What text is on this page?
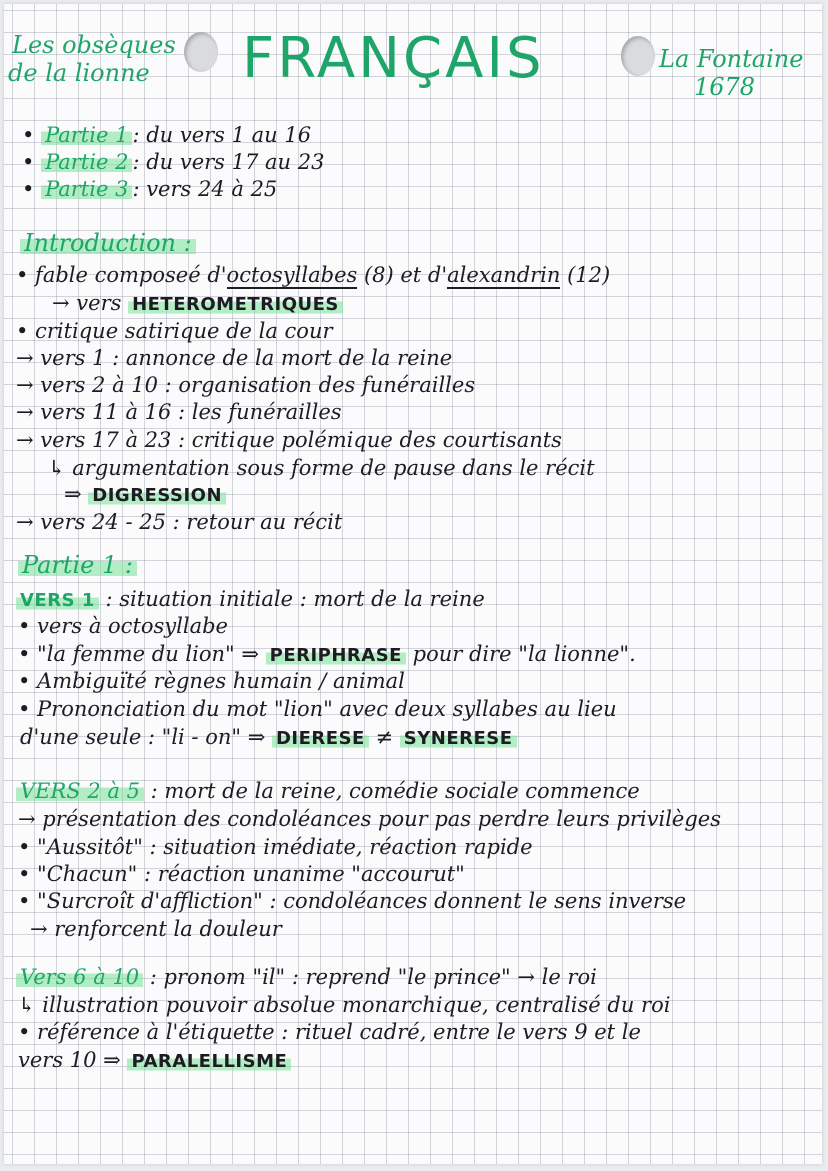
Les obsèques
de la lionne FRANÇAIS	La Fontaine
1678
• Partie 1 : du vers 1 au 16
• Partie 2 : du vers 17 au 23
• Partie 3 : vers 24 à 25
Introduction :
• fable composeé d'octosyllabes (8) et d'alexandrin (12)
→ vers HETEROMETRIQUES
• critique satirique de la cour
→ vers 1 : annonce de la mort de la reine
→ vers 2 à 10 : organisation des funérailles
→ vers 11 à 16 : les funérailles
→ vers 17 à 23 : critique polémique des courtisants
↳ argumentation sous forme de pause dans le récit
⇒ DIGRESSION
→ vers 24 - 25 : retour au récit
Partie 1 :
VERS 1 : situation initiale : mort de la reine
• vers à octosyllabe
• "la femme du lion" ⇒ PERIPHRASE pour dire "la lionne".
• Ambiguïté règnes humain / animal
• Prononciation du mot "lion" avec deux syllabes au lieu
d'une seule : "li - on" ⇒ DIERESE ≠ SYNERESE
VERS 2 à 5 : mort de la reine, comédie sociale commence
→ présentation des condoléances pour pas perdre leurs privilèges
• "Aussitôt" : situation imédiate, réaction rapide
• "Chacun" : réaction unanime "accourut"
• "Surcroît d'affliction" : condoléances donnent le sens inverse
→ renforcent la douleur
Vers 6 à 10 : pronom "il" : reprend "le prince" → le roi
↳ illustration pouvoir absolue monarchique, centralisé du roi
• référence à l'étiquette : rituel cadré, entre le vers 9 et le
vers 10 ⇒ PARALELLISME
